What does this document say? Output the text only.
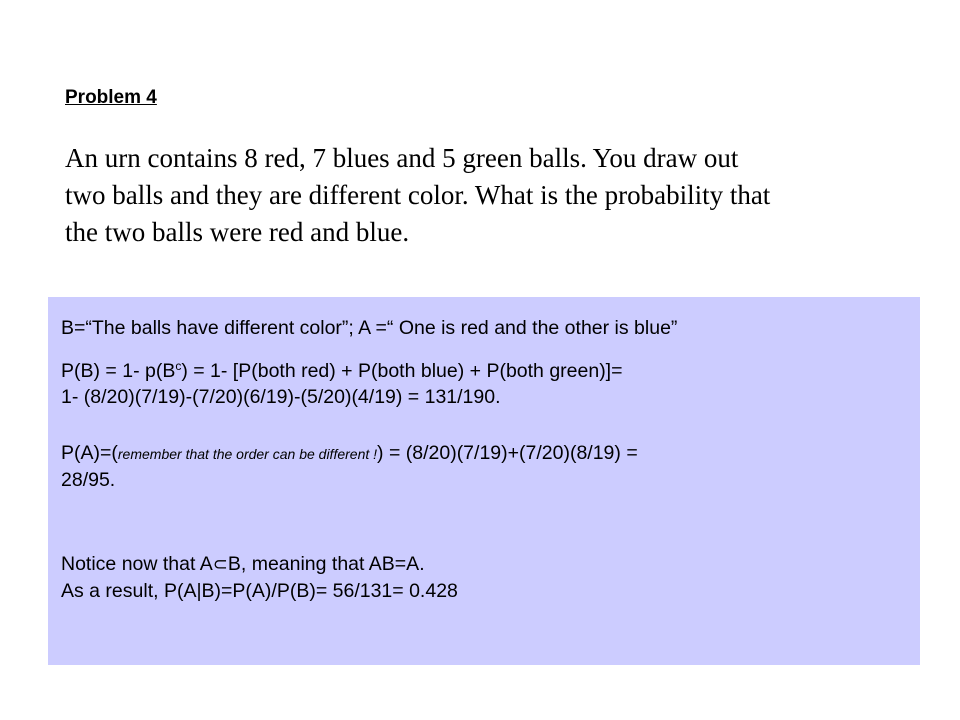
Problem 4
An urn contains 8 red, 7 blues and 5 green balls. You draw out
two balls and they are different color. What is the probability that
the two balls were red and blue.
B=“The balls have different color”; A =“ One is red and the other is blue”
P(B) = 1- $p(B^c) = 1-$ [P(both red) + P(both blue) + P(both green)]=
1- (8/20)(7/19)-(7/20)(6/19)-(5/20)(4/19) = 131/190.
P(A)=(remember that the order can be different !) = (8/20)(7/19)+(7/20)(8/19) =
28/95.
Notice now that A⊂B, meaning that AB=A.
As a result, P(A|B)=P(A)/P(B)= 56/131= 0.428
